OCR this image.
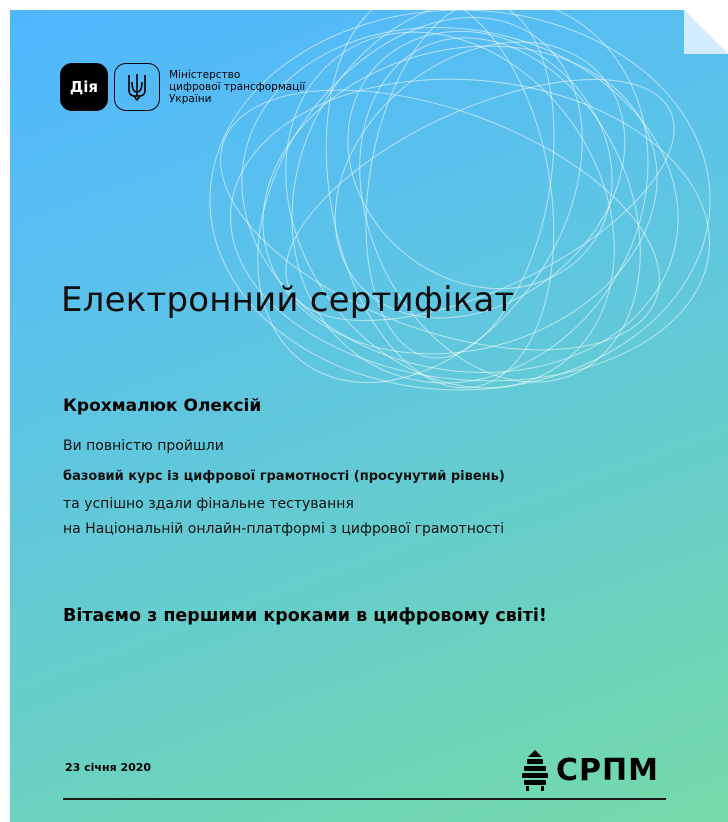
Дія
Міністерство
цифрової трансформації
України
Електронний сертифікат
Крохмалюк Олексій
Ви повністю пройшли
базовий курс із цифрової грамотності (просунутий рівень)
та успішно здали фінальне тестування
на Національній онлайн-платформі з цифрової грамотності
Вітаємо з першими кроками в цифровому світі!
23 січня 2020	СРПМ
